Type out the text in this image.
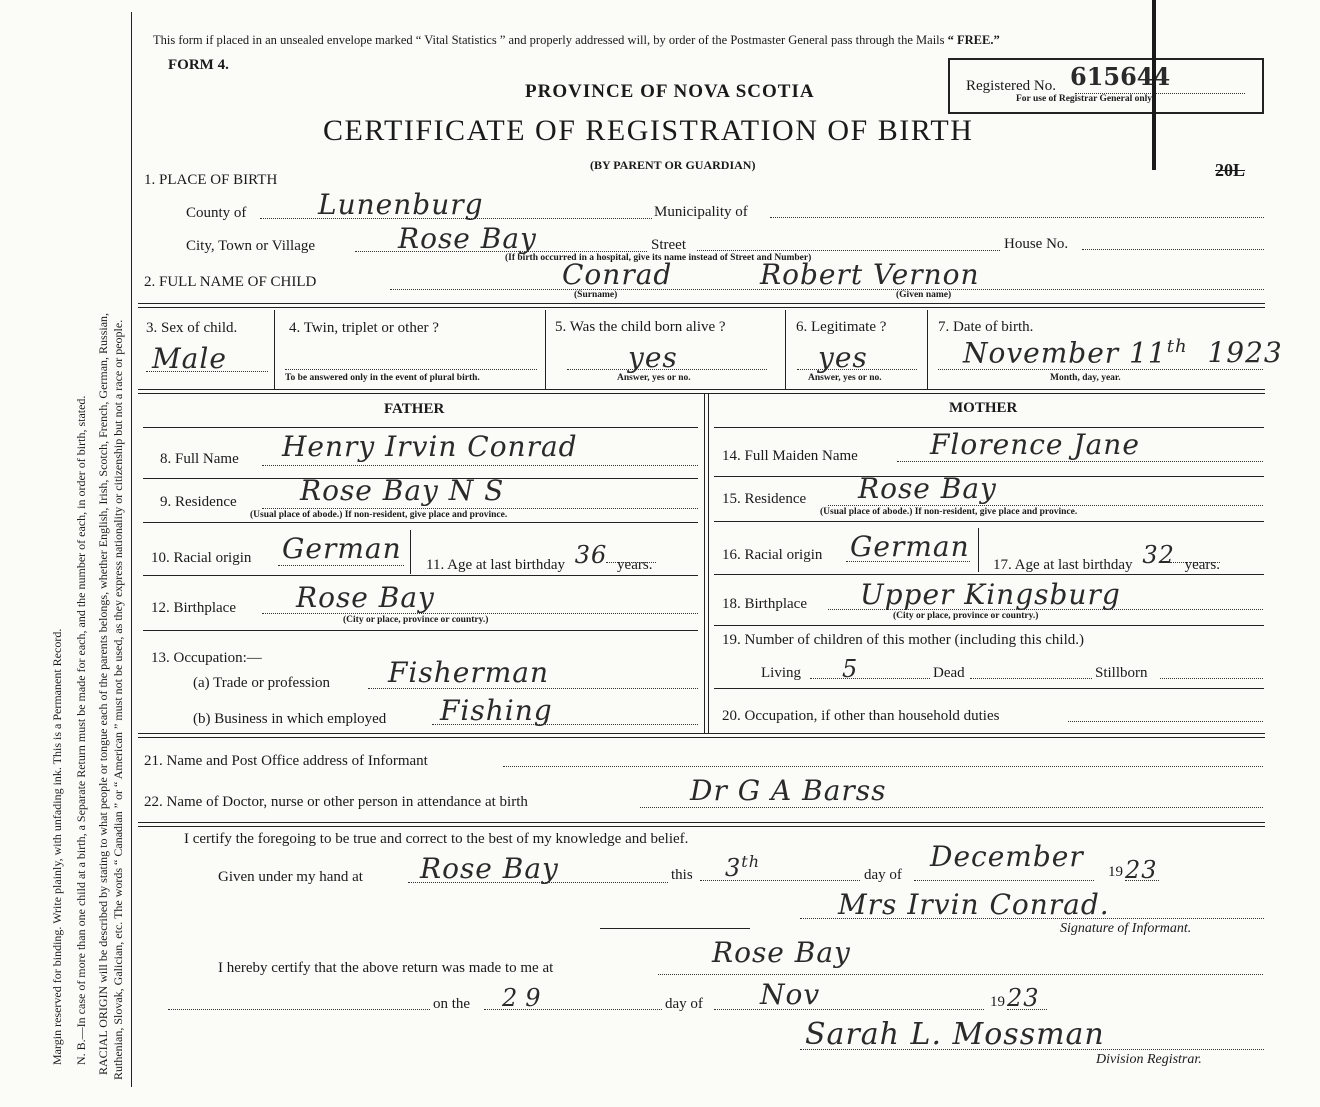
Margin reserved for binding. Write plainly, with unfading ink. This is a Permanent Record. N. B.—In case of more than one child at a birth, a Separate Return must be made for each, and the number of each, in order of birth, stated. RACIAL ORIGIN will be described by stating to what people or tongue each of the parents belongs, whether English, Irish, Scotch, French, German, Russian, Ruthenian, Slovak, Galician, etc. The words “ Canadian ” or “ American ” must not be used, as they express nationality or citizenship but not a race or people.
This form if placed in an unsealed envelope marked “ Vital Statistics ” and properly addressed will, by order of the Postmaster General pass through the Mails “ FREE.”
FORM 4.
PROVINCE OF NOVA SCOTIA
CERTIFICATE OF REGISTRATION OF BIRTH
(BY PARENT OR GUARDIAN)
Registered No. 615644
For use of Registrar General only.
20L
1. PLACE OF BIRTH
County of	Lunenburg	Municipality of
City, Town or Village	Rose Bay	Street	House No.
(If birth occurred in a hospital, give its name instead of Street and Number)
2. FULL NAME OF CHILD	Conrad	Robert Vernon
(Surname)	(Given name)
3. Sex of child.
Male
4. Twin, triplet or other ?
To be answered only in the event of plural birth.
5. Was the child born alive ?
yes
Answer, yes or no.
6. Legitimate ?
yes
Answer, yes or no.
7. Date of birth.
November 11th 1923
Month, day, year.
FATHER
8. Full Name Henry Irvin Conrad
9. Residence Rose Bay N S
(Usual place of abode.) If non-resident, give place and province.
10. Racial origin German 11. Age at last birthday 36 years.
12. Birthplace Rose Bay
(City or place, province or country.)
13. Occupation:—
(a) Trade or profession Fisherman
(b) Business in which employed Fishing
MOTHER
14. Full Maiden Name	Florence Jane
15. Residence Rose Bay
(Usual place of abode.) If non-resident, give place and province.
16. Racial origin German
17. Age at last birthday 32 years.
18. Birthplace Upper Kingsburg
(City or place, province or country.)
19. Number of children of this mother (including this child.)
Living 5	Dead	Stillborn
20. Occupation, if other than household duties
21. Name and Post Office address of Informant
22. Name of Doctor, nurse or other person in attendance at birth	Dr G A Barss
I certify the foregoing to be true and correct to the best of my knowledge and belief.
Given under my hand at Rose Bay	this 3th
day of
December 19 23
Mrs Irvin Conrad.
Signature of Informant.
I hereby certify that the above return was made to me at	Rose Bay
on the 29	day of Nov	19 23
Sarah L. Mossman
Division Registrar.
